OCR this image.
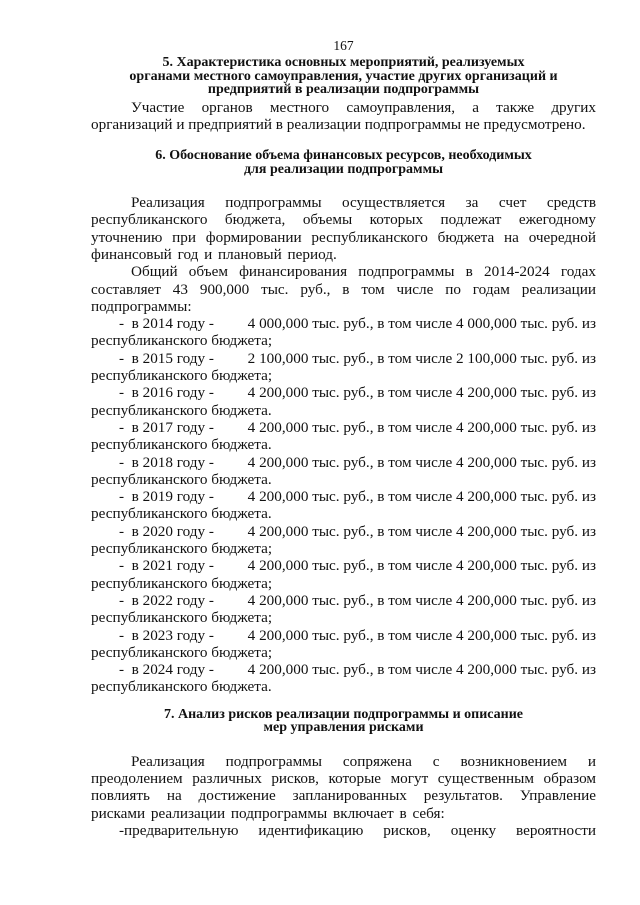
167
5. Характеристика основных мероприятий, реализуемых
органами местного самоуправления, участие других организаций и
предприятий в реализации подпрограммы

Участие органов местного самоуправления, а также других организаций и предприятий в реализации подпрограммы не предусмотрено.

6. Обоснование объема финансовых ресурсов, необходимых
для реализации подпрограммы

Реализация подпрограммы осуществляется за счет средств республиканского бюджета, объемы которых подлежат ежегодному уточнению при формировании республиканского бюджета на очередной финансовый год и плановый период.

Общий объем финансирования подпрограммы в 2014-2024 годах составляет 43 900,000 тыс. руб., в том числе по годам реализации подпрограммы:

-  в 2014 году - 4 000,000 тыс. руб., в том числе 4 000,000 тыс. руб. из
республиканского бюджета;
-  в 2015 году - 2 100,000 тыс. руб., в том числе 2 100,000 тыс. руб. из
республиканского бюджета;
-  в 2016 году - 4 200,000 тыс. руб., в том числе 4 200,000 тыс. руб. из
республиканского бюджета.
-  в 2017 году - 4 200,000 тыс. руб., в том числе 4 200,000 тыс. руб. из
республиканского бюджета.
-  в 2018 году - 4 200,000 тыс. руб., в том числе 4 200,000 тыс. руб. из
республиканского бюджета.
-  в 2019 году - 4 200,000 тыс. руб., в том числе 4 200,000 тыс. руб. из
республиканского бюджета.
-  в 2020 году - 4 200,000 тыс. руб., в том числе 4 200,000 тыс. руб. из
республиканского бюджета;
-  в 2021 году - 4 200,000 тыс. руб., в том числе 4 200,000 тыс. руб. из
республиканского бюджета;
-  в 2022 году - 4 200,000 тыс. руб., в том числе 4 200,000 тыс. руб. из
республиканского бюджета;
-  в 2023 году - 4 200,000 тыс. руб., в том числе 4 200,000 тыс. руб. из
республиканского бюджета;
-  в 2024 году - 4 200,000 тыс. руб., в том числе 4 200,000 тыс. руб. из
республиканского бюджета.
7. Анализ рисков реализации подпрограммы и описание
мер управления рисками

Реализация подпрограммы сопряжена с возникновением и преодолением различных рисков, которые могут существенным образом повлиять на достижение запланированных результатов. Управление рисками реализации подпрограммы включает в себя:

-предварительную идентификацию рисков, оценку вероятности
